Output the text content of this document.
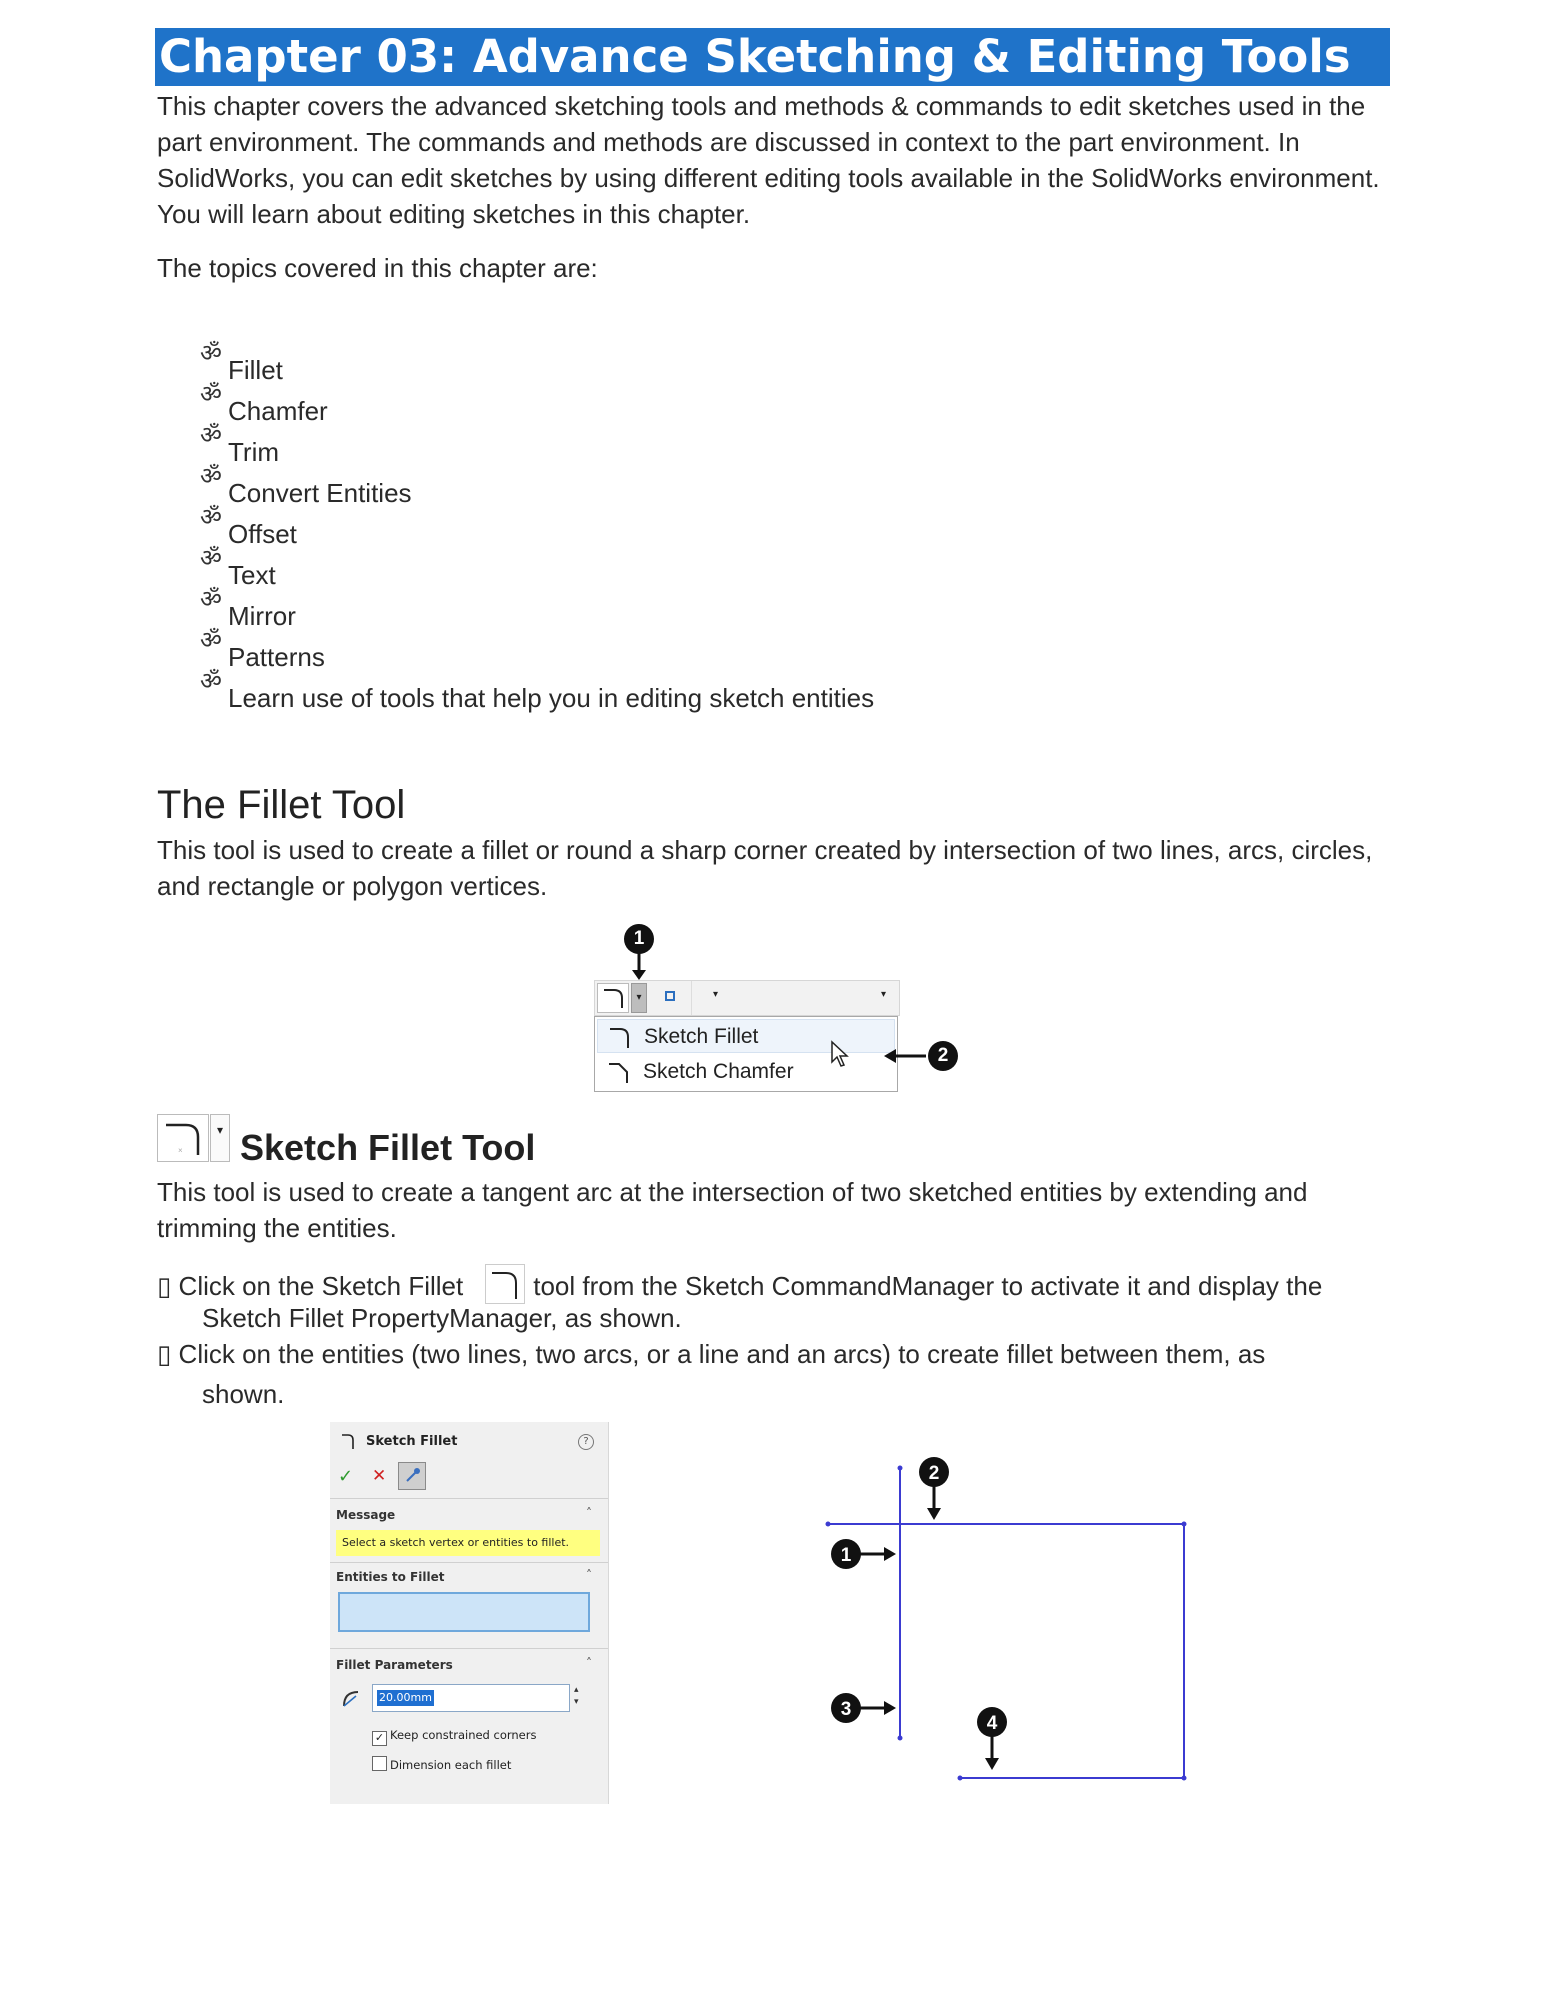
Chapter 03: Advance Sketching & Editing Tools

This chapter covers the advanced sketching tools and methods & commands to edit sketches used in the part environment. The commands and methods are discussed in context to the part environment. In SolidWorks, you can edit sketches by using different editing tools available in the SolidWorks environment. You will learn about editing sketches in this chapter.

The topics covered in this chapter are:

ॐ
Fillet
ॐ
Chamfer
ॐ
Trim
ॐ
Convert Entities
ॐ
Offset
ॐ
Text
ॐ
Mirror
ॐ
Patterns
ॐ
Learn use of tools that help you in editing sketch entities
The Fillet Tool

This tool is used to create a fillet or round a sharp corner created by intersection of two lines, arcs, circles, and rectangle or polygon vertices.

1
▾	▾	▾
Sketch Fillet
Sketch Chamfer
2
×
▾ Sketch Fillet Tool

This tool is used to create a tangent arc at the intersection of two sketched entities by extending and trimming the entities.

▯ Click on the Sketch Fillet	tool from the Sketch CommandManager to activate it and display the

Sketch Fillet PropertyManager, as shown.

▯ Click on the entities (two lines, two arcs, or a line and an arcs) to create fillet between them, as

shown.

Sketch Fillet	?
✓ ✕
Message	˄
Select a sketch vertex or entities to fillet.
Entities to Fillet	˄
Fillet Parameters	˄
20.00mm
▴
▾
✓ Keep constrained corners
Dimension each fillet
1
2
3
4
